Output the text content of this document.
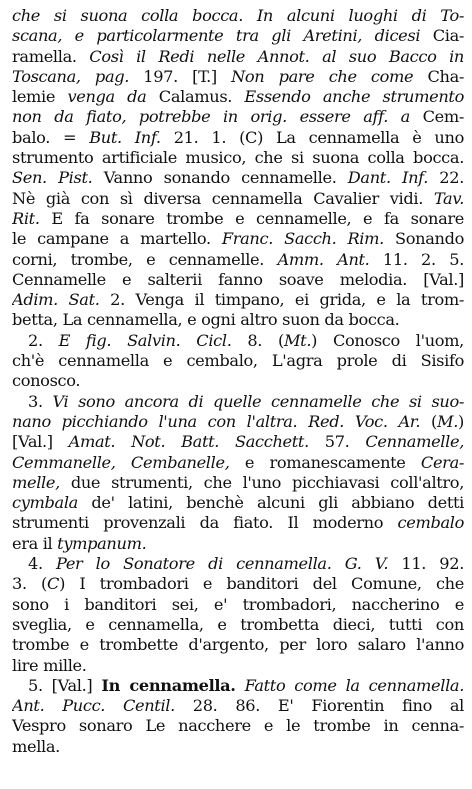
che si suona colla bocca. In alcuni luoghi di To-
scana, e particolarmente tra gli Aretini, dicesi Cia-
ramella. Così il Redi nelle Annot. al suo Bacco in
Toscana, pag. 197. [T.] Non pare che come Cha-
lemie venga da Calamus. Essendo anche strumento
non da fiato, potrebbe in orig. essere aff. a Cem-
balo. = But. Inf. 21. 1. (C) La cennamella è uno
strumento artificiale musico, che si suona colla bocca.
Sen. Pist. Vanno sonando cennamelle. Dant. Inf. 22.
Nè già con sì diversa cennamella Cavalier vidi. Tav.
Rit. E fa sonare trombe e cennamelle, e fa sonare
le campane a martello. Franc. Sacch. Rim. Sonando
corni, trombe, e cennamelle. Amm. Ant. 11. 2. 5.
Cennamelle e salterii fanno soave melodia. [Val.]
Adim. Sat. 2. Venga il timpano, ei grida, e la trom-
betta, La cennamella, e ogni altro suon da bocca.
2. E fig. Salvin. Cicl. 8. (Mt.) Conosco l'uom,
ch'è cennamella e cembalo, L'agra prole di Sisifo
conosco.
3. Vi sono ancora di quelle cennamelle che si suo-
nano picchiando l'una con l'altra. Red. Voc. Ar. (M.)
[Val.] Amat. Not. Batt. Sacchett. 57. Cennamelle,
Cemmanelle, Cembanelle, e romanescamente Cera-
melle, due strumenti, che l'uno picchiavasi coll'altro,
cymbala de' latini, benchè alcuni gli abbiano detti
strumenti provenzali da fiato. Il moderno cembalo
era il tympanum.
4. Per lo Sonatore di cennamella. G. V. 11. 92.
3. (C) I trombadori e banditori del Comune, che
sono i banditori sei, e' trombadori, naccherino e
sveglia, e cennamella, e trombetta dieci, tutti con
trombe e trombette d'argento, per loro salaro l'anno
lire mille.
5. [Val.] In cennamella. Fatto come la cennamella.
Ant. Pucc. Centil. 28. 86. E' Fiorentin fino al
Vespro sonaro Le nacchere e le trombe in cenna-
mella.
